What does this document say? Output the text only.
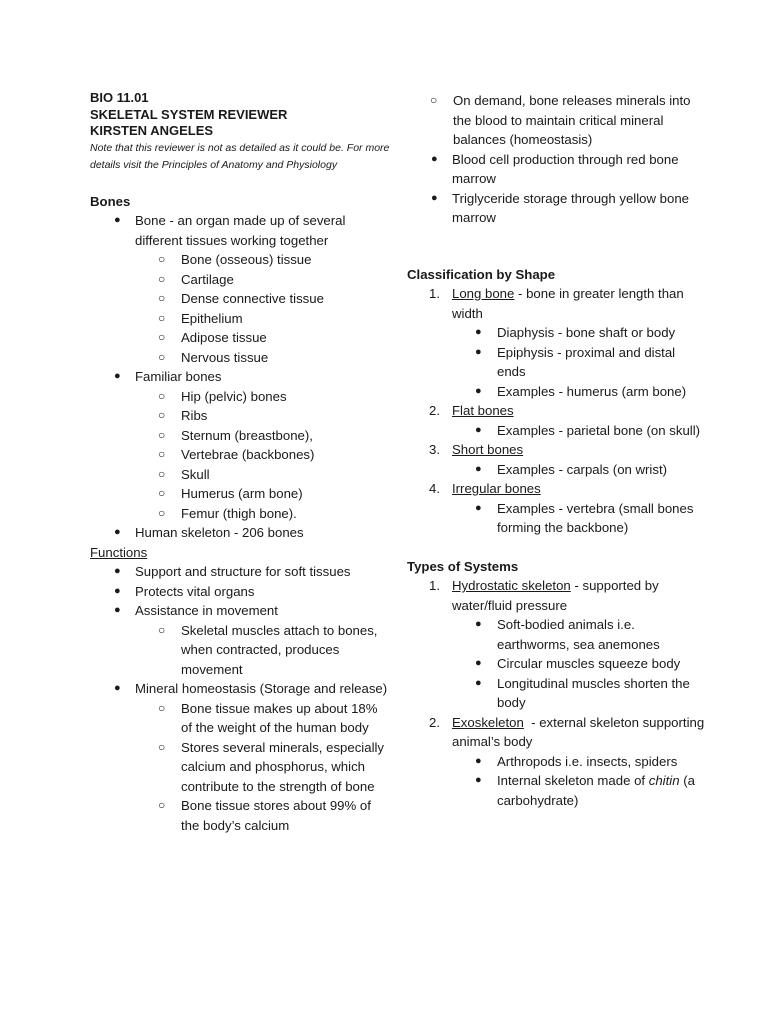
BIO 11.01

SKELETAL SYSTEM REVIEWER

KIRSTEN ANGELES

Note that this reviewer is not as detailed as it could be. For more details visit the Principles of Anatomy and Physiology

Bones

● Bone - an organ made up of several different tissues working together
○ Bone (osseous) tissue
○ Cartilage
○ Dense connective tissue
○ Epithelium
○ Adipose tissue
○ Nervous tissue
● Familiar bones
○ Hip (pelvic) bones
○ Ribs
○ Sternum (breastbone),
○ Vertebrae (backbones)
○ Skull
○ Humerus (arm bone)
○ Femur (thigh bone).
● Human skeleton - 206 bones

Functions

● Support and structure for soft tissues
● Protects vital organs
● Assistance in movement
○ Skeletal muscles attach to bones, when contracted, produces movement
● Mineral homeostasis (Storage and release)
○ Bone tissue makes up about 18% of the weight of the human body
○ Stores several minerals, especially calcium and phosphorus, which contribute to the strength of bone
○ Bone tissue stores about 99% of the body’s calcium
○ On demand, bone releases minerals into the blood to maintain critical mineral balances (homeostasis)
● Blood cell production through red bone marrow
● Triglyceride storage through yellow bone marrow

Classification by Shape

1. Long bone - bone in greater length than width
● Diaphysis - bone shaft or body
● Epiphysis - proximal and distal ends
● Examples - humerus (arm bone)
2. Flat bones
● Examples - parietal bone (on skull)
3. Short bones
● Examples - carpals (on wrist)
4. Irregular bones
● Examples - vertebra (small bones forming the backbone)

Types of Systems

1. Hydrostatic skeleton - supported by water/fluid pressure
● Soft-bodied animals i.e. earthworms, sea anemones
● Circular muscles squeeze body
● Longitudinal muscles shorten the body
2. Exoskeleton  - external skeleton supporting animal’s body
● Arthropods i.e. insects, spiders
● Internal skeleton made of chitin (a carbohydrate)
